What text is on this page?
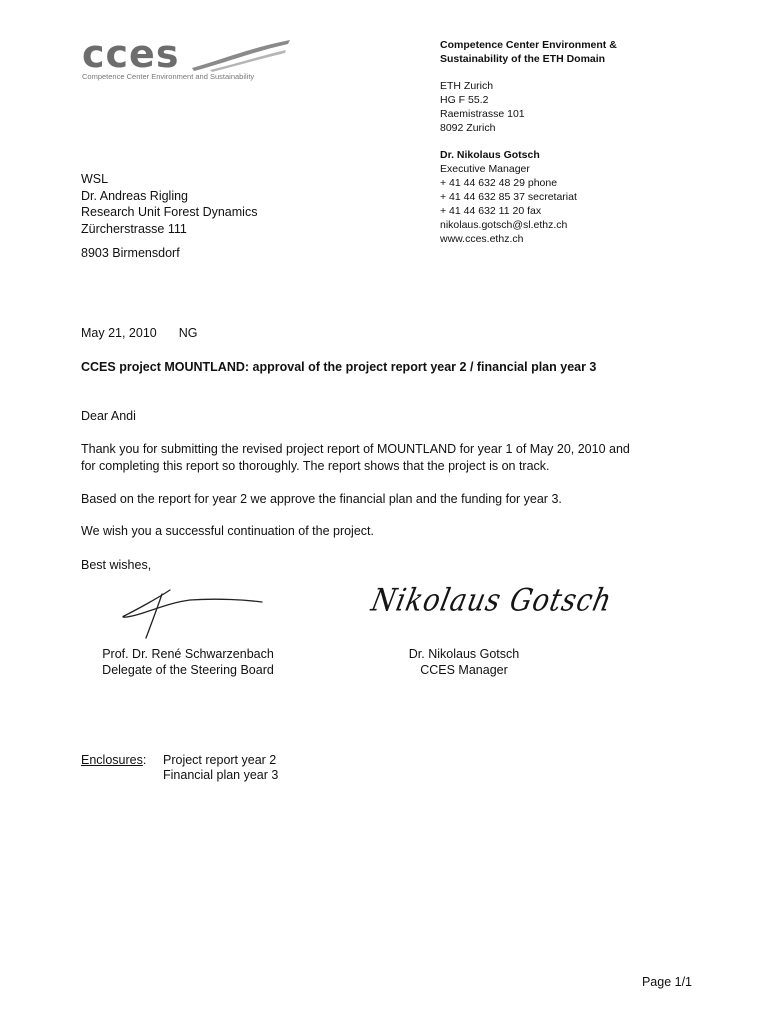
cces
Competence Center Environment and Sustainability
Competence Center Environment &
Sustainability of the ETH Domain
ETH Zurich
HG F 55.2
Raemistrasse 101
8092 Zurich
Dr. Nikolaus Gotsch
Executive Manager
+ 41 44 632 48 29 phone
+ 41 44 632 85 37 secretariat
+ 41 44 632 11 20 fax
nikolaus.gotsch@sl.ethz.ch
www.cces.ethz.ch
WSL
Dr. Andreas Rigling
Research Unit Forest Dynamics
Zürcherstrasse 111
8903 Birmensdorf
May 21, 2010 NG
CCES project MOUNTLAND: approval of the project report year 2 / financial plan year 3
Dear Andi
Thank you for submitting the revised project report of MOUNTLAND for year 1 of May 20, 2010 and
for completing this report so thoroughly. The report shows that the project is on track.
Based on the report for year 2 we approve the financial plan and the funding for year 3.
We wish you a successful continuation of the project.
Best wishes,
Nikolaus Gotsch
Prof. Dr. René Schwarzenbach
Delegate of the Steering Board
Dr. Nikolaus Gotsch
CCES Manager
Enclosures: Project report year 2
Financial plan year 3
Page 1/1
